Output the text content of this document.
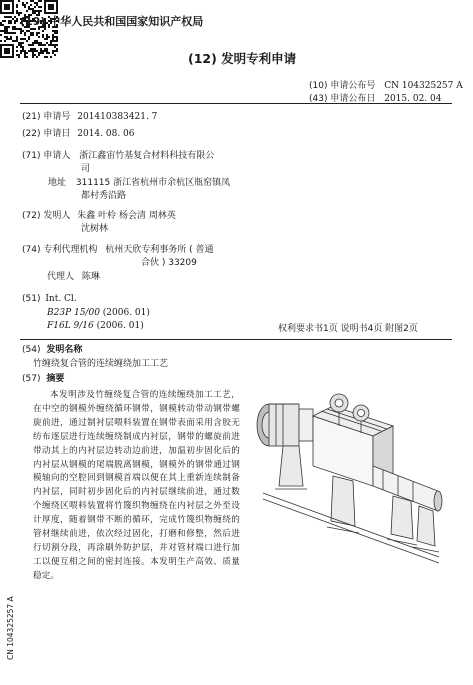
(19) 中华人民共和国国家知识产权局
(12) 发明专利申请
(10) 申请公布号 CN 104325257 A
(43) 申请公布日 2015. 02. 04
(21) 申请号 201410383421. 7
(22) 申请日 2014. 08. 06
(71) 申请人 浙江鑫宙竹基复合材料科技有限公
司
地址 311115 浙江省杭州市余杭区瓶窑镇凤
都村秀沿路
(72) 发明人 朱鑫 叶柃 杨会清 周林英
沈树林
(74) 专利代理机构 杭州天欣专利事务所 ( 普通
合伙 ) 33209
代理人 陈琳
(51) Int. Cl.
B23P 15/00 (2006. 01)
F16L 9/16 (2006. 01)	权利要求书1页 说明书4页 附图2页
(54) 发明名称
竹缠绕复合管的连续缠绕加工工艺
(57) 摘要
本发明涉及竹缠绕复合管的连续缠绕加工工艺，在中空的钢模外缠绕循环钢带，钢模转动带动钢带螺旋前进，通过制衬层喂料装置在钢带表面采用含胶无纺布逐层进行连续缠绕制成内衬层，钢带的螺旋前进带动其上的内衬层边转动边前进，加温初步固化后的内衬层从钢模的尾端脱离钢模，钢模外的钢带通过钢模轴向的空腔回到钢模首端以便在其上重新连续制备内衬层，同时初步固化后的内衬层继续前进，通过数个缠绕区喂料装置将竹篾织物缠绕在内衬层之外至设计厚度，随着钢带不断的循环，完成竹篾织物缠绕的管材继续前进，依次经过固化，打磨和修整，然后进行切割分段，再涂刷外防护层，并对管材端口进行加工以便互相之间的密封连接。本发明生产高效、质量稳定。
CN 104325257 A
